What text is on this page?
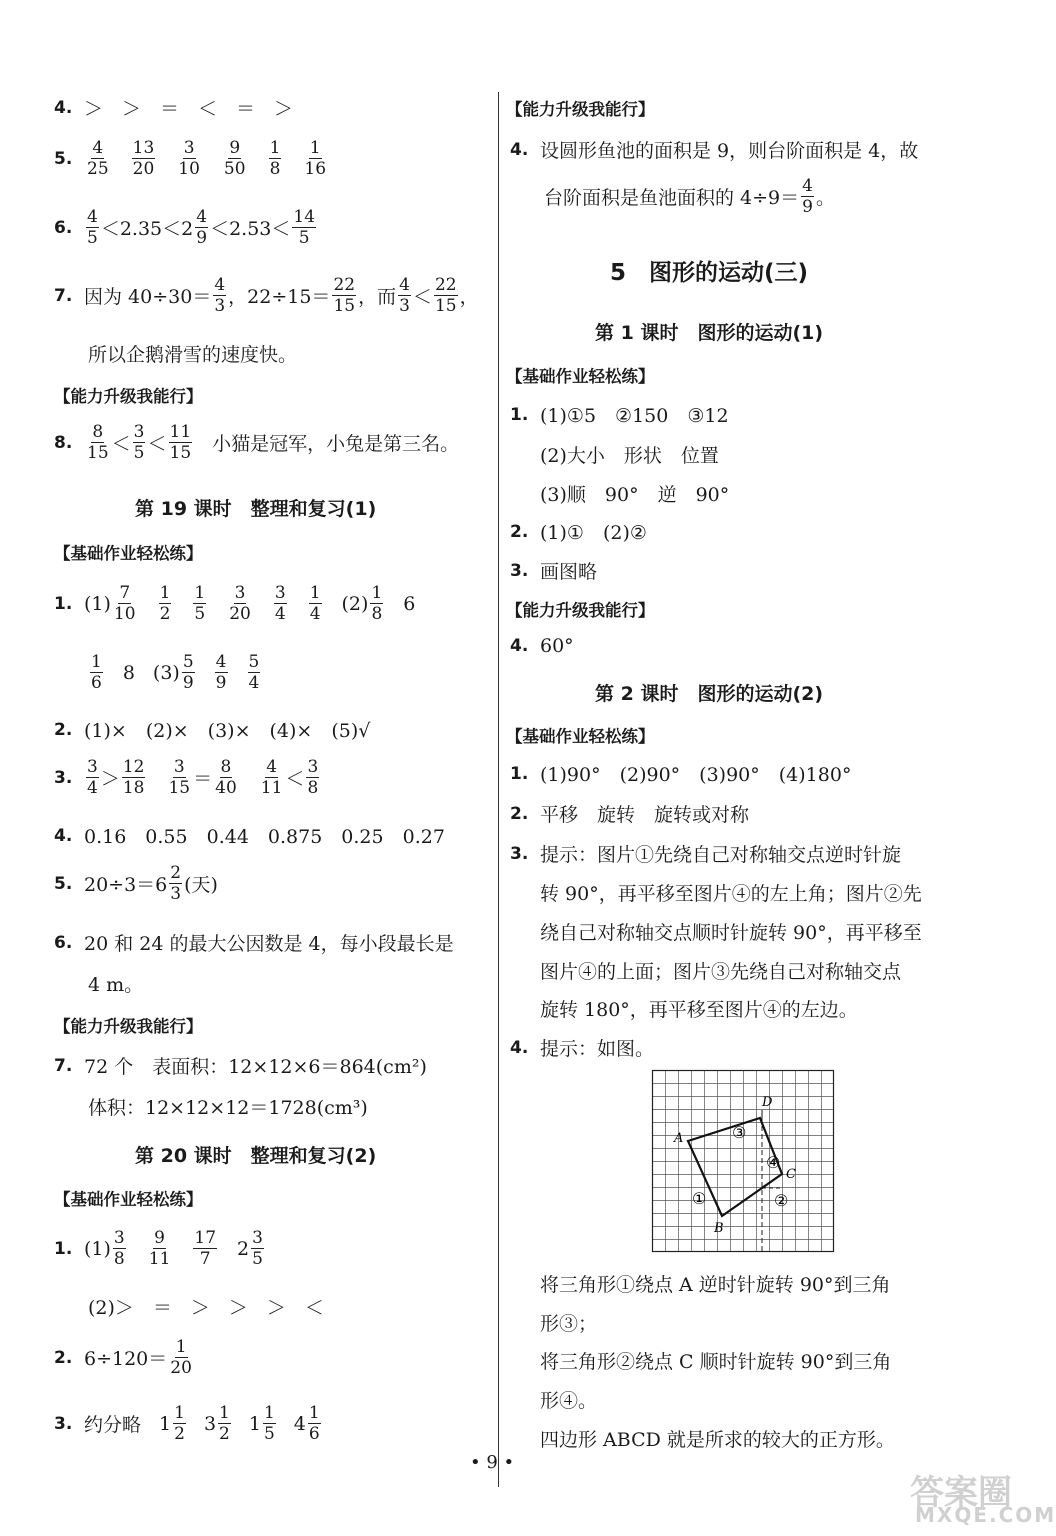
4. ＞　＞　＝　＜　＝　＞
5. $\frac{4}{25} \frac{13}{20} \frac{3}{10} \frac{9}{50} \frac{1}{8} \frac{1}{16}$
6. $\frac{4}{5} <2.35<2 \frac{4}{9} <2.53< \frac{14}{5}$
7. 因为 $40\div 30= \frac{4}{3}$ ，$22\div 15= \frac{22}{15}$ ，而 $\frac{4}{3} < \frac{22}{15}$ ，
所以企鹅滑雪的速度快。
【能力升级我能行】
8. $\frac{8}{15} < \frac{3}{5} < \frac{11}{15}$ 小猫是冠军，小兔是第三名。
第 19 课时　整理和复习(1)
【基础作业轻松练】
1. $(1) \frac{7}{10} \frac{1}{2} \frac{1}{5} \frac{3}{20} \frac{3}{4} \frac{1}{4} (2) \frac{1}{8} 6$
$\frac{1}{6} 8$ $(3) \frac{5}{9} \frac{4}{9} \frac{5}{4}$
2. (1)×　(2)×　(3)×　(4)×　(5)√
3. $\frac{3}{4} > \frac{12}{18} \frac{3}{15} = \frac{8}{40} \frac{4}{11} < \frac{3}{8}$
4. 0.16　0.55　0.44　0.875　0.25　0.27
5. $20\div 3=6 \frac{2}{3}$ (天)
6. 20 和 24 的最大公因数是 4，每小段最长是
4 m。
【能力升级我能行】
7. 72 个　表面积：12×12×6＝864(cm²)
体积：12×12×12＝1728(cm³)
第 20 课时　整理和复习(2)
【基础作业轻松练】
1. $(1) \frac{3}{8} \frac{9}{11} \frac{17}{7} 2 \frac{3}{5}$
(2)＞　＝　＞　＞　＞　＜
2. $6\div 120= \frac{1}{20}$
3. 约分略 $1 \frac{1}{2} 3 \frac{1}{2} 1 \frac{1}{5} 4 \frac{1}{6}$
【能力升级我能行】
4. 设圆形鱼池的面积是 9，则台阶面积是 4，故
台阶面积是鱼池面积的 $4\div 9= \frac{4}{9}$ 。
5　图形的运动(三)
第 1 课时　图形的运动(1)
【基础作业轻松练】
1. (1)①5　②150　③12
(2)大小　形状　位置
(3)顺　90°　逆　90°
2. (1)①　(2)②
3. 画图略
【能力升级我能行】
4. 60°
第 2 课时　图形的运动(2)
【基础作业轻松练】
1. (1)90°　(2)90°　(3)90°　(4)180°
2. 平移　旋转　旋转或对称
3. 提示：图片①先绕自己对称轴交点逆时针旋
转 90°，再平移至图片④的左上角；图片②先
绕自己对称轴交点顺时针旋转 90°，再平移至
图片④的上面；图片③先绕自己对称轴交点
旋转 180°，再平移至图片④的左边。
4. 提示：如图。
将三角形①绕点 A 逆时针旋转 90°到三角
形③；
将三角形②绕点 C 顺时针旋转 90°到三角
形④。
四边形 ABCD 就是所求的较大的正方形。
A
B
C
D
①	②
③
④
• 9 •
答案圈
MXQE.COM
